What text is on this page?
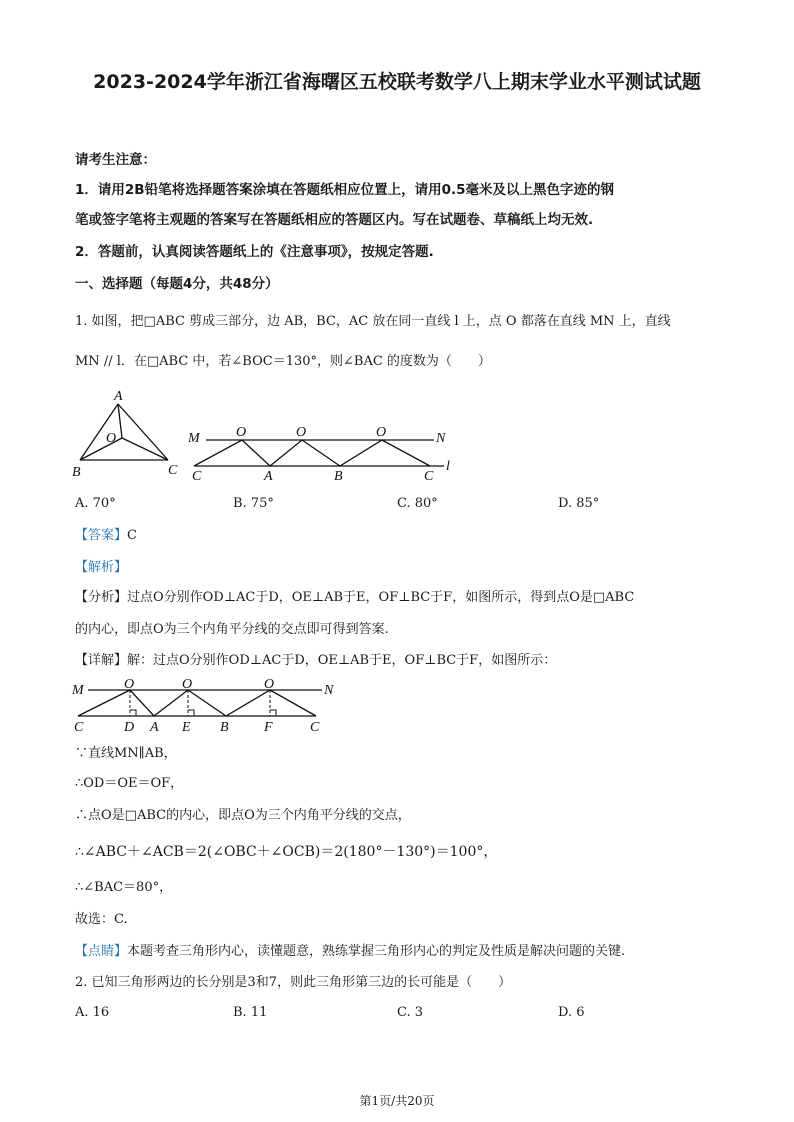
2023-2024学年浙江省海曙区五校联考数学八上期末学业水平测试试题
请考生注意：
1．请用2B铅笔将选择题答案涂填在答题纸相应位置上，请用0.5毫米及以上黑色字迹的钢
笔或签字笔将主观题的答案写在答题纸相应的答题区内。写在试题卷、草稿纸上均无效.
2．答题前，认真阅读答题纸上的《注意事项》，按规定答题.
一、选择题（每题4分，共48分）
1. 如图，把□ABC 剪成三部分，边 AB，BC，AC 放在同一直线 l 上，点 O 都落在直线 MN 上，直线
MN // l．在□ABC 中，若∠BOC＝130°，则∠BAC 的度数为（　　）
A
O
B	C
M	N
O	O	O
C	A	B	C
l
A. 70°	B. 75°	C. 80°	D. 85°
【答案】C
【解析】
【分析】过点O分别作OD⊥AC于D，OE⊥AB于E，OF⊥BC于F，如图所示，得到点O是□ABC
的内心，即点O为三个内角平分线的交点即可得到答案.
【详解】解：过点O分别作OD⊥AC于D，OE⊥AB于E，OF⊥BC于F，如图所示：
M	N
O	O	O
C	D A E B	F	C
∵直线MN∥AB，
∴OD＝OE＝OF，
∴点O是□ABC的内心，即点O为三个内角平分线的交点，
∴∠ABC＋∠ACB＝2(∠OBC＋∠OCB)＝2(180°－130°)＝100°，
∴∠BAC＝80°，
故选：C.
【点睛】本题考查三角形内心，读懂题意，熟练掌握三角形内心的判定及性质是解决问题的关键.
2. 已知三角形两边的长分别是3和7，则此三角形第三边的长可能是（　　）
A. 16	B. 11	C. 3	D. 6
第1页/共20页
